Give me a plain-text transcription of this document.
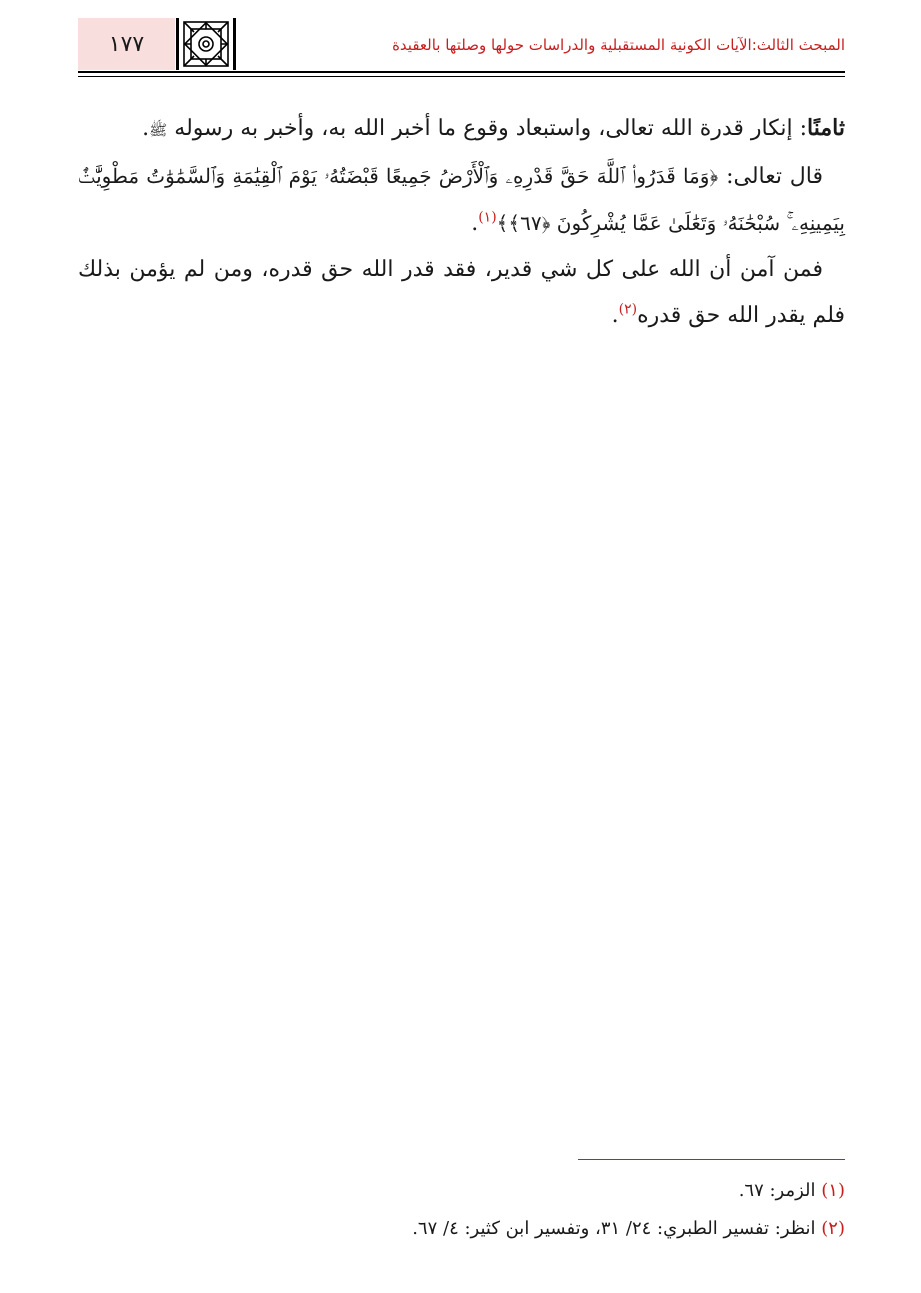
١٧٧	المبحث الثالث:الآيات الكونية المستقبلية والدراسات حولها وصلتها بالعقيدة

ثامنًا: إنكار قدرة الله تعالى، واستبعاد وقوع ما أخبر الله به، وأخبر به رسوله ﷺ.

قال تعالى: ﴿وَمَا قَدَرُوا۟ ٱللَّهَ حَقَّ قَدْرِهِۦ وَٱلْأَرْضُ جَمِيعًا قَبْضَتُهُۥ يَوْمَ ٱلْقِيَٰمَةِ وَٱلسَّمَٰوَٰتُ مَطْوِيَّٰتٌۢ بِيَمِينِهِۦ ۚ سُبْحَٰنَهُۥ وَتَعَٰلَىٰ عَمَّا يُشْرِكُونَ ﴿٦٧﴾﴾$^{(١)}$.

فمن آمن أن الله على كل شي قدير، فقد قدر الله حق قدره، ومن لم يؤمن بذلك فلم يقدر الله حق قدره$^{(٢)}$.

(١) الزمر: ٦٧.

(٢) انظر: تفسير الطبري: ٢٤/ ٣١، وتفسير ابن كثير: ٤/ ٦٧.
